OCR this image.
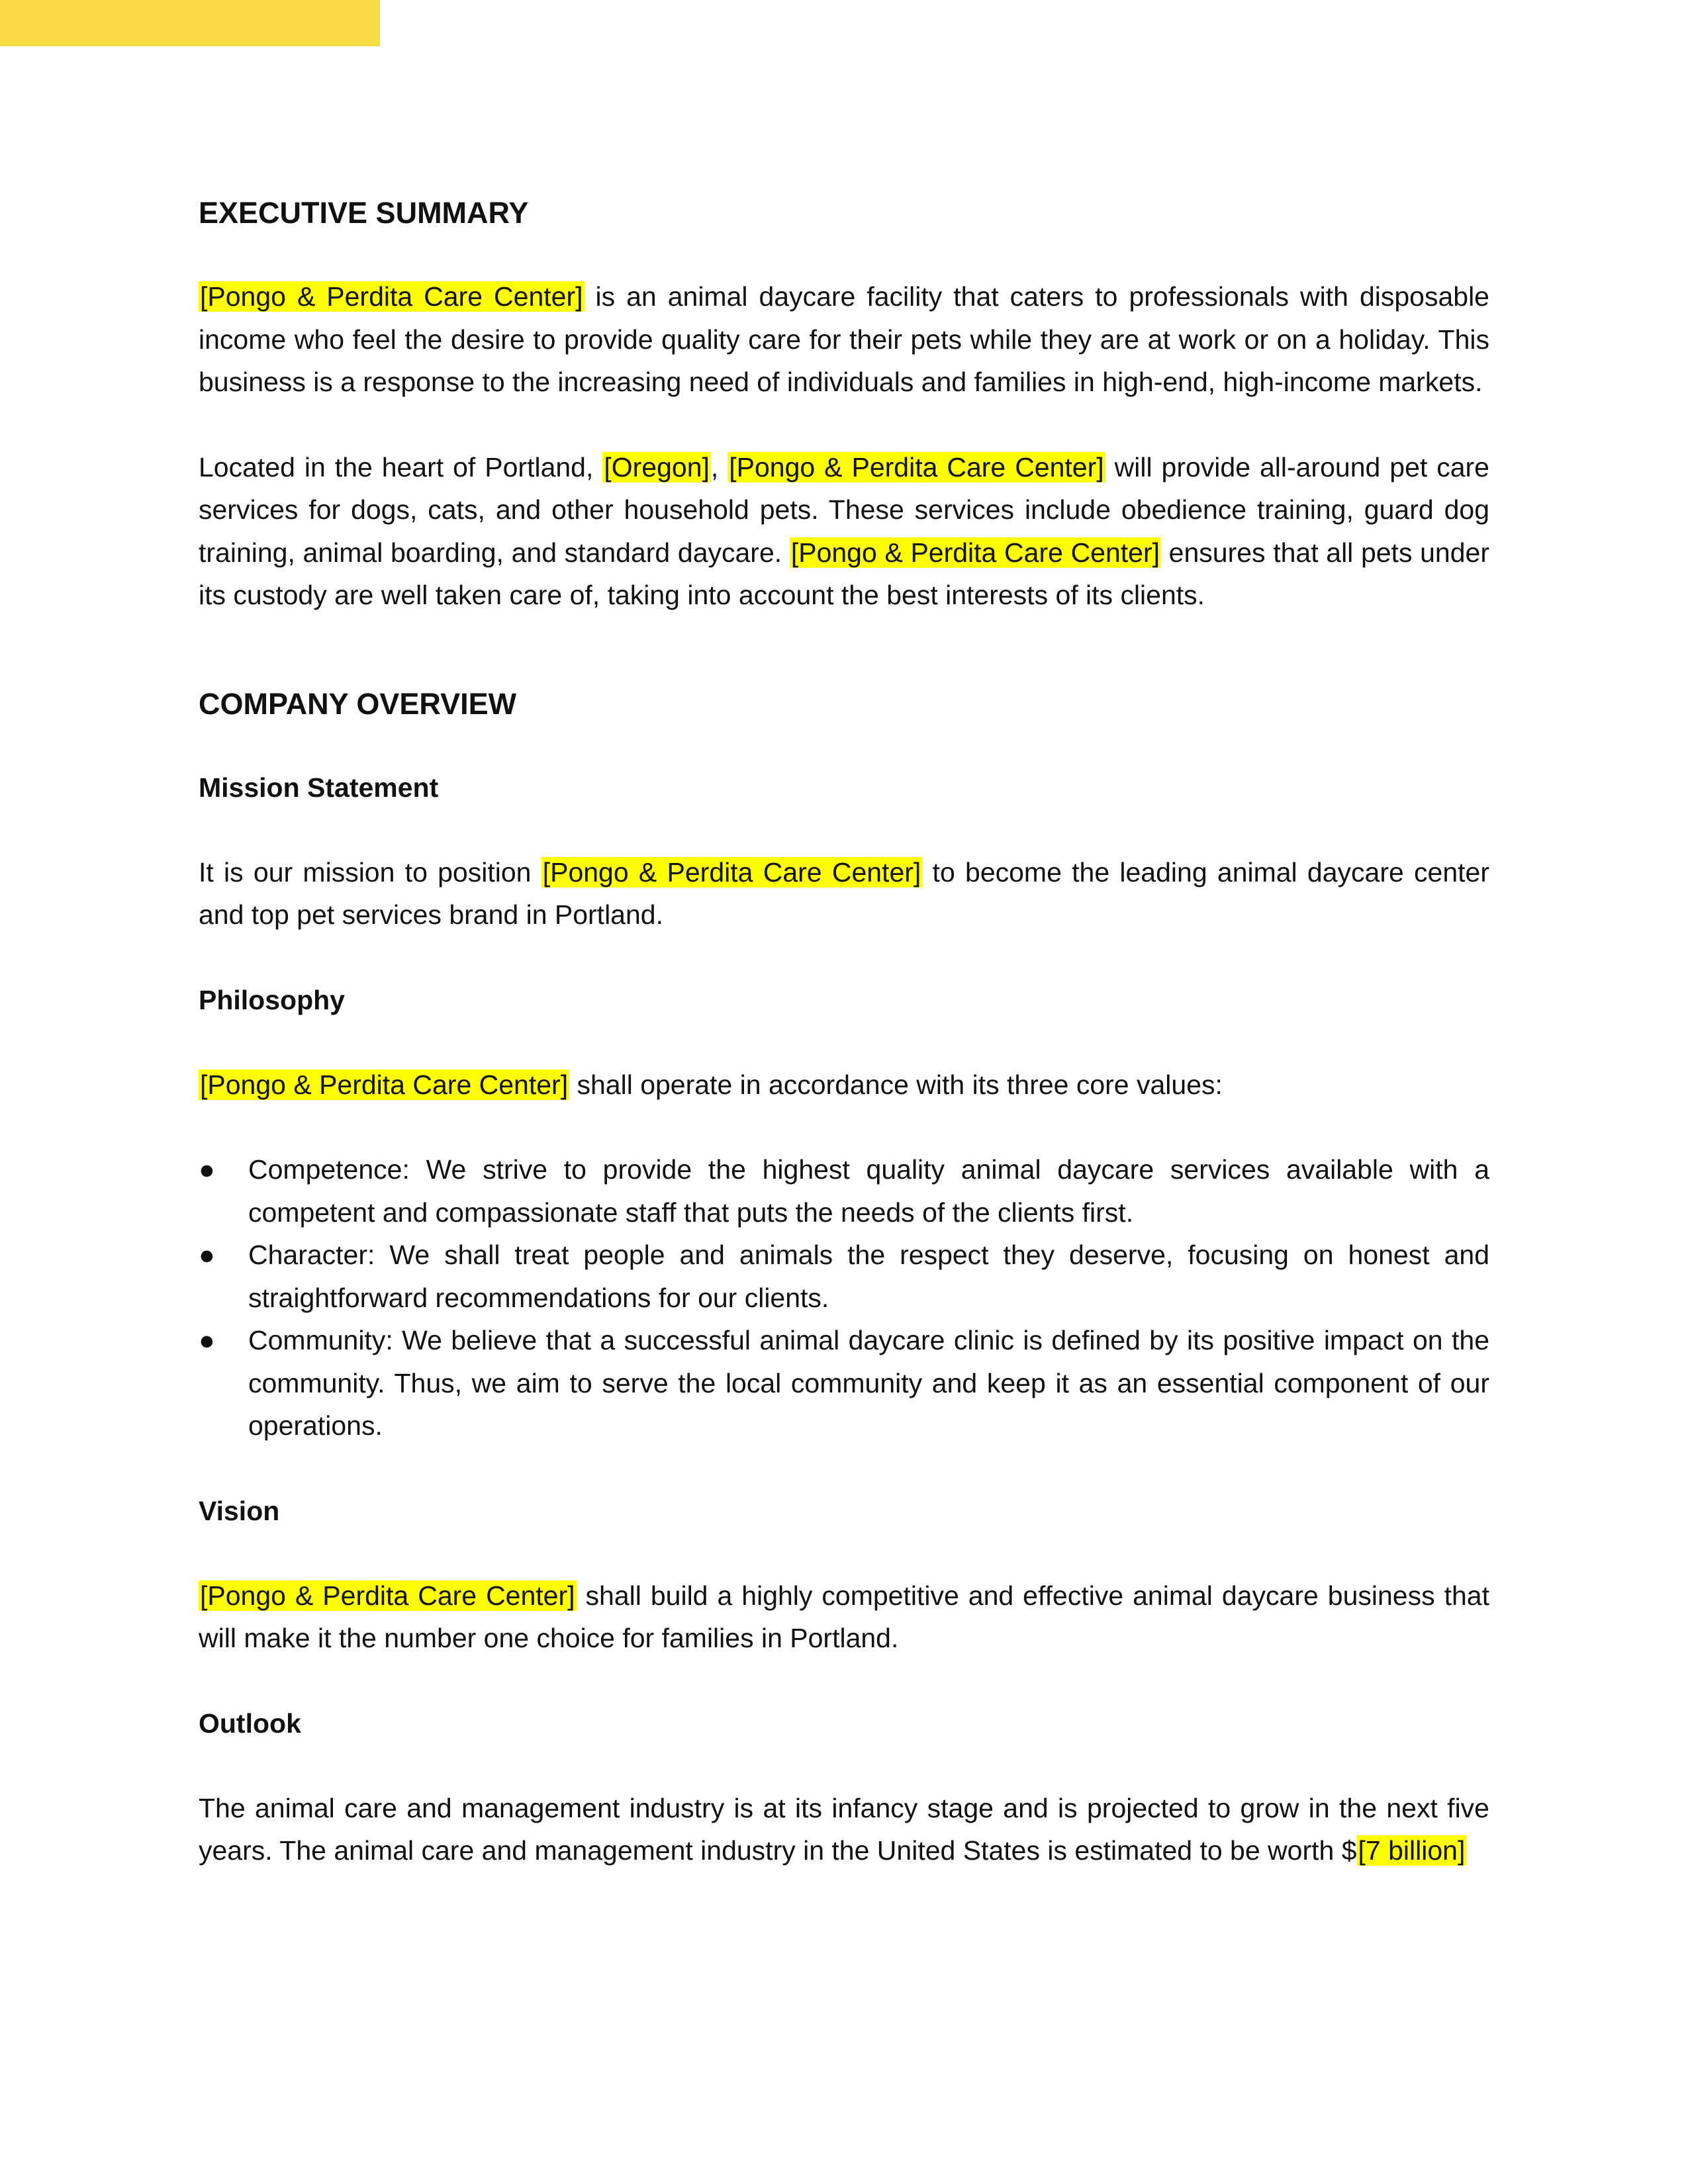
EXECUTIVE SUMMARY

[Pongo & Perdita Care Center] is an animal daycare facility that caters to professionals with disposable income who feel the desire to provide quality care for their pets while they are at work or on a holiday. This business is a response to the increasing need of individuals and families in high-end, high-income markets.

Located in the heart of Portland, [Oregon], [Pongo & Perdita Care Center] will provide all-around pet care services for dogs, cats, and other household pets. These services include obedience training, guard dog training, animal boarding, and standard daycare. [Pongo & Perdita Care Center] ensures that all pets under its custody are well taken care of, taking into account the best interests of its clients.

COMPANY OVERVIEW
Mission Statement

It is our mission to position [Pongo & Perdita Care Center] to become the leading animal daycare center and top pet services brand in Portland.

Philosophy

[Pongo & Perdita Care Center] shall operate in accordance with its three core values:

● Competence: We strive to provide the highest quality animal daycare services available with a competent and compassionate staff that puts the needs of the clients first.
● Character: We shall treat people and animals the respect they deserve, focusing on honest and straightforward recommendations for our clients.
● Community: We believe that a successful animal daycare clinic is defined by its positive impact on the community. Thus, we aim to serve the local community and keep it as an essential component of our operations.
Vision

[Pongo & Perdita Care Center] shall build a highly competitive and effective animal daycare business that will make it the number one choice for families in Portland.

Outlook

The animal care and management industry is at its infancy stage and is projected to grow in the next five years. The animal care and management industry in the United States is estimated to be worth $[7 billion]
